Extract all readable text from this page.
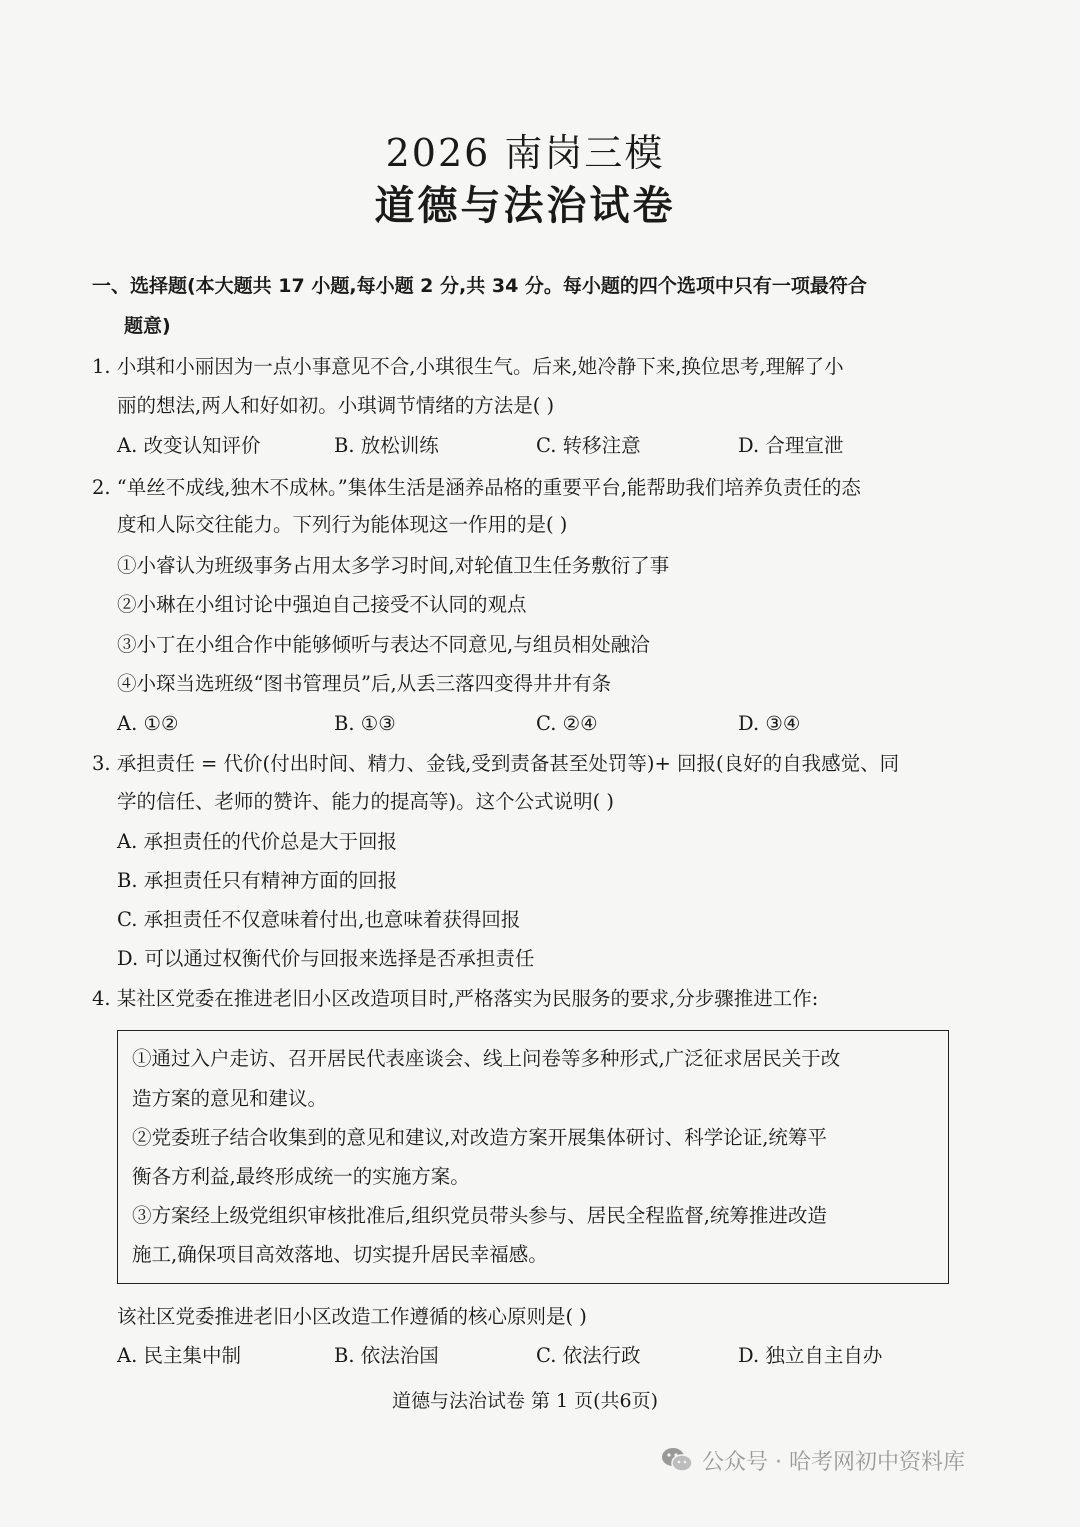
2026 南岗三模
道德与法治试卷
一、选择题(本大题共 17 小题,每小题 2 分,共 34 分。每小题的四个选项中只有一项最符合
题意)
1. 小琪和小丽因为一点小事意见不合,小琪很生气。后来,她冷静下来,换位思考,理解了小
丽的想法,两人和好如初。小琪调节情绪的方法是( )
A. 改变认知评价	B. 放松训练	C. 转移注意	D. 合理宣泄
2. “单丝不成线,独木不成林。”集体生活是涵养品格的重要平台,能帮助我们培养负责任的态
度和人际交往能力。下列行为能体现这一作用的是( )
①小睿认为班级事务占用太多学习时间,对轮值卫生任务敷衍了事
②小琳在小组讨论中强迫自己接受不认同的观点
③小丁在小组合作中能够倾听与表达不同意见,与组员相处融洽
④小琛当选班级“图书管理员”后,从丢三落四变得井井有条
A. ①②	B. ①③	C. ②④	D. ③④
3. 承担责任 = 代价(付出时间、精力、金钱,受到责备甚至处罚等)+ 回报(良好的自我感觉、同
学的信任、老师的赞许、能力的提高等)。这个公式说明( )
A. 承担责任的代价总是大于回报
B. 承担责任只有精神方面的回报
C. 承担责任不仅意味着付出,也意味着获得回报
D. 可以通过权衡代价与回报来选择是否承担责任
4. 某社区党委在推进老旧小区改造项目时,严格落实为民服务的要求,分步骤推进工作:
①通过入户走访、召开居民代表座谈会、线上问卷等多种形式,广泛征求居民关于改
造方案的意见和建议。
②党委班子结合收集到的意见和建议,对改造方案开展集体研讨、科学论证,统筹平
衡各方利益,最终形成统一的实施方案。
③方案经上级党组织审核批准后,组织党员带头参与、居民全程监督,统筹推进改造
施工,确保项目高效落地、切实提升居民幸福感。
该社区党委推进老旧小区改造工作遵循的核心原则是( )
A. 民主集中制	B. 依法治国	C. 依法行政	D. 独立自主自办
道德与法治试卷 第 1 页(共6页)
公众号 · 哈考网初中资料库
